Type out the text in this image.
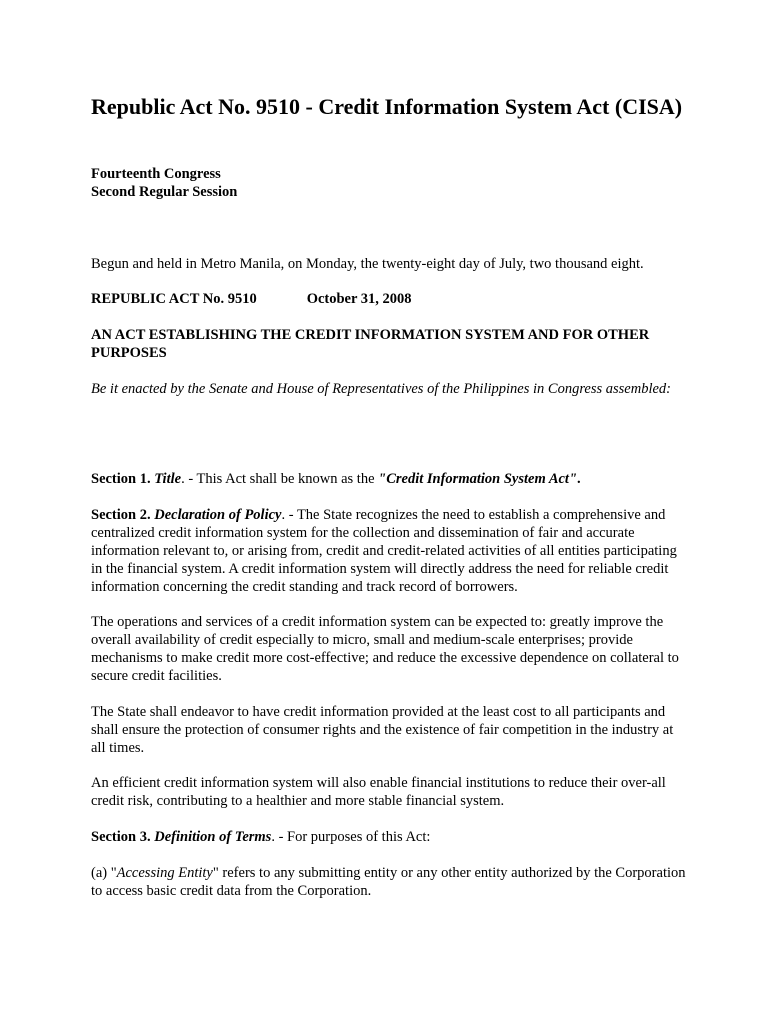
Republic Act No. 9510 - Credit Information System Act (CISA)
Fourteenth Congress
Second Regular Session

Begun and held in Metro Manila, on Monday, the twenty-eight day of July, two thousand eight.

REPUBLIC ACT No. 9510	October 31, 2008

AN ACT ESTABLISHING THE CREDIT INFORMATION SYSTEM AND FOR OTHER PURPOSES

Be it enacted by the Senate and House of Representatives of the Philippines in Congress assembled:

Section 1. Title. - This Act shall be known as the "Credit Information System Act".

Section 2. Declaration of Policy. - The State recognizes the need to establish a comprehensive and centralized credit information system for the collection and dissemination of fair and accurate information relevant to, or arising from, credit and credit-related activities of all entities participating in the financial system. A credit information system will directly address the need for reliable credit information concerning the credit standing and track record of borrowers.

The operations and services of a credit information system can be expected to: greatly improve the overall availability of credit especially to micro, small and medium-scale enterprises; provide mechanisms to make credit more cost-effective; and reduce the excessive dependence on collateral to secure credit facilities.

The State shall endeavor to have credit information provided at the least cost to all participants and shall ensure the protection of consumer rights and the existence of fair competition in the industry at all times.

An efficient credit information system will also enable financial institutions to reduce their over-all credit risk, contributing to a healthier and more stable financial system.

Section 3. Definition of Terms. - For purposes of this Act:

(a) "Accessing Entity" refers to any submitting entity or any other entity authorized by the Corporation to access basic credit data from the Corporation.
